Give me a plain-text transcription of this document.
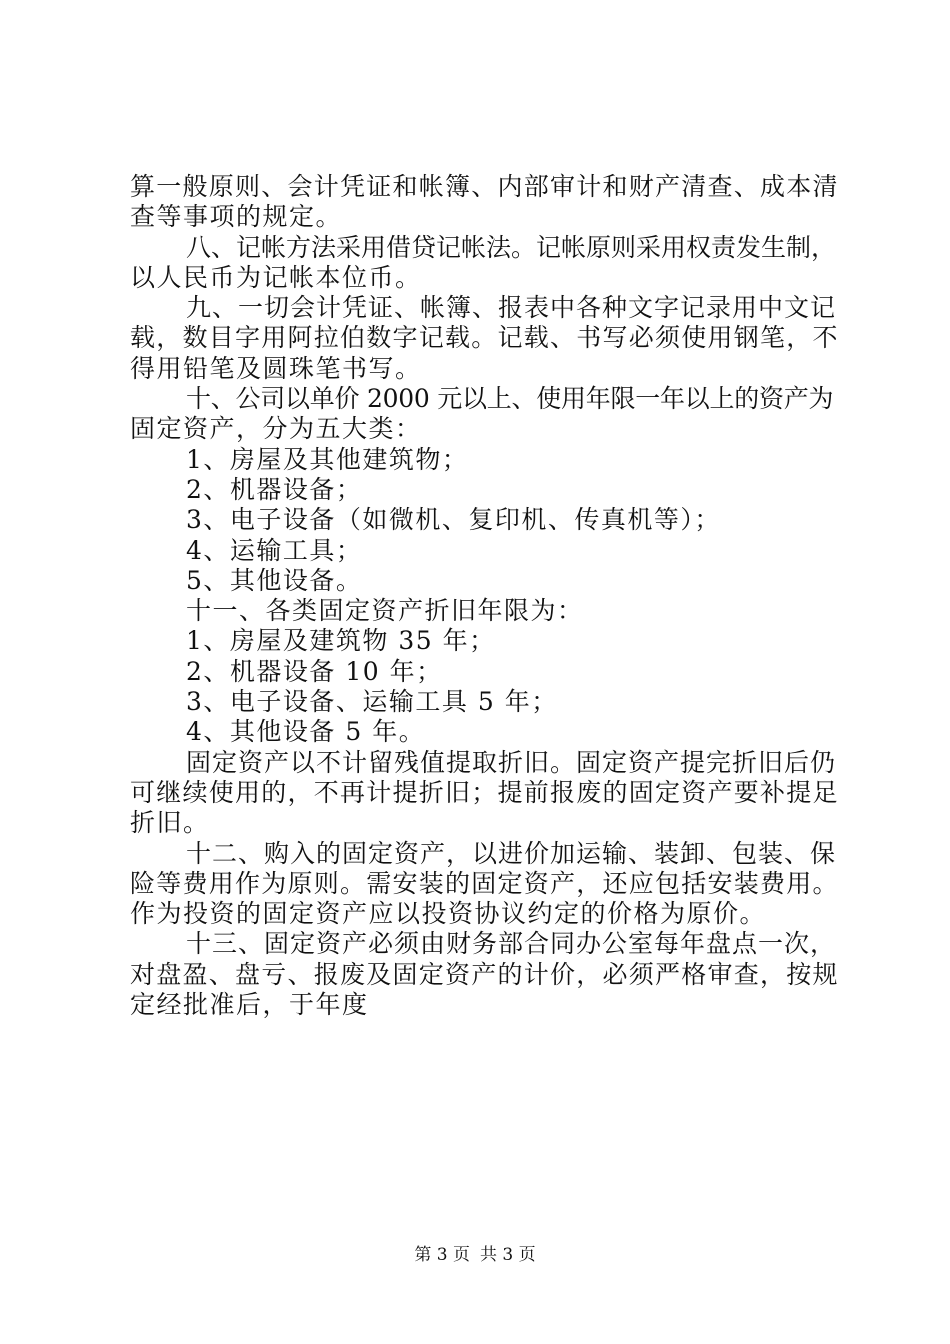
算一般原则、会计凭证和帐簿、内部审计和财产清查、成本清
查等事项的规定。
八、记帐方法采用借贷记帐法。记帐原则采用权责发生制，
以人民币为记帐本位币。
九、一切会计凭证、帐簿、报表中各种文字记录用中文记
载，数目字用阿拉伯数字记载。记载、书写必须使用钢笔，不
得用铅笔及圆珠笔书写。
十、公司以单价 2000 元以上、使用年限一年以上的资产为
固定资产，分为五大类：
1、房屋及其他建筑物；
2、机器设备；
3、电子设备（如微机、复印机、传真机等）；
4、运输工具；
5、其他设备。
十一、各类固定资产折旧年限为：
1、房屋及建筑物 35 年；
2、机器设备 10 年；
3、电子设备、运输工具 5 年；
4、其他设备 5 年。
固定资产以不计留残值提取折旧。固定资产提完折旧后仍
可继续使用的，不再计提折旧；提前报废的固定资产要补提足
折旧。
十二、购入的固定资产，以进价加运输、装卸、包装、保
险等费用作为原则。需安装的固定资产，还应包括安装费用。
作为投资的固定资产应以投资协议约定的价格为原价。
十三、固定资产必须由财务部合同办公室每年盘点一次，
对盘盈、盘亏、报废及固定资产的计价，必须严格审查，按规
定经批准后，于年度
第 3 页 共 3 页
